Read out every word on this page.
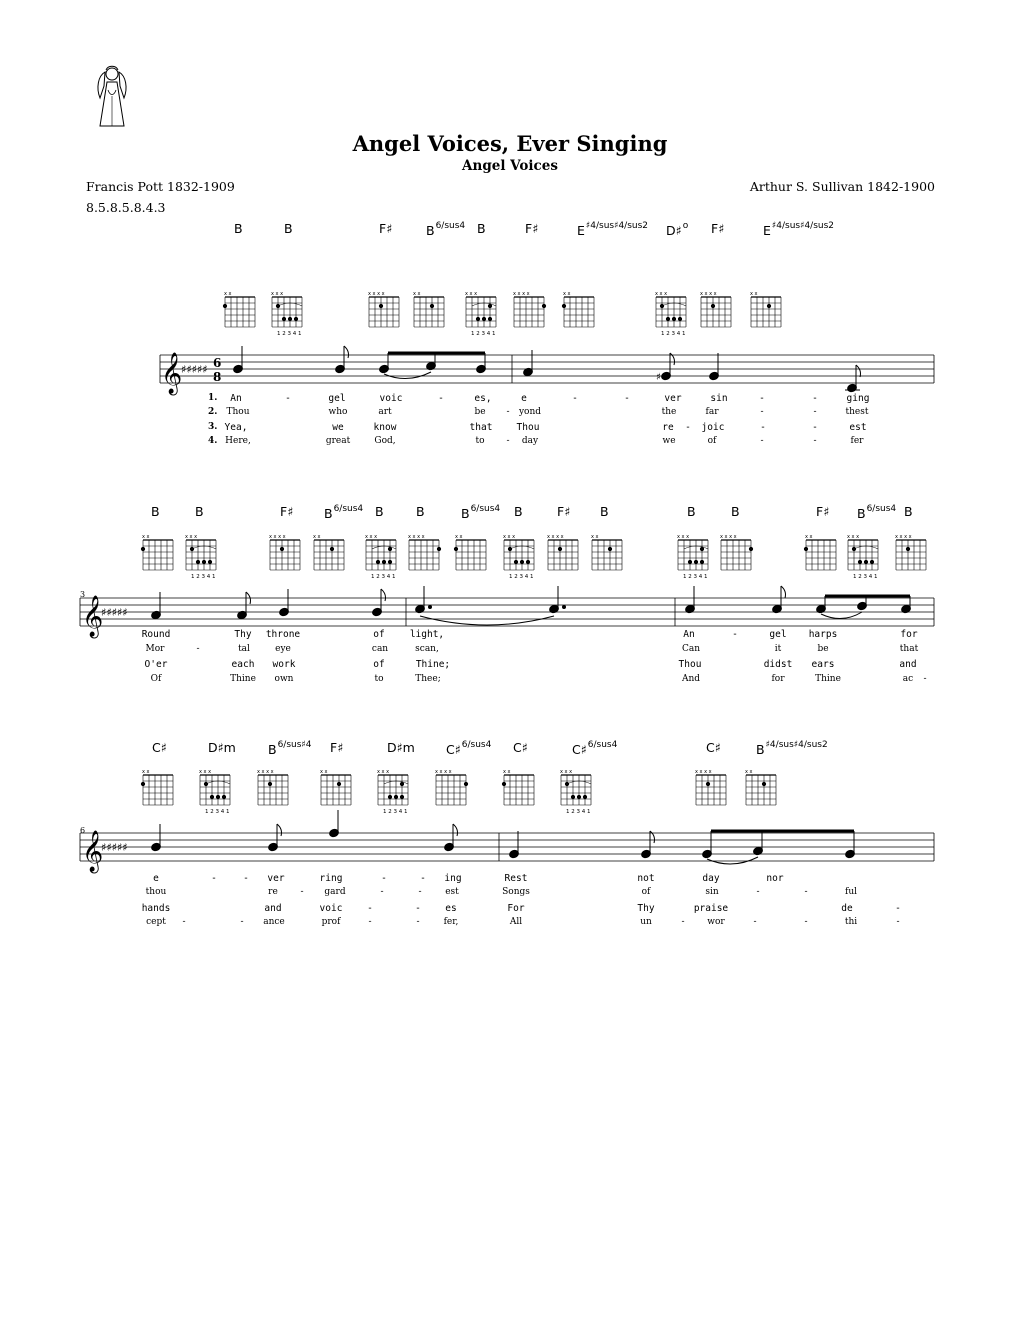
Angel Voices, Ever Singing
Angel Voices
Francis Pott 1832-1909	Arthur S. Sullivan 1842-1900
8.5.8.5.8.4.3
B	B	F♯	$B^{6/sus4}$ B	F♯	$E^{♯4/sus♯4/sus2}$ D♯$^o$ F♯	$E^{♯4/sus♯4/sus2}$
x x	x x x
1 2 3 4 1
x x x x	x x	x x x
1 2 3 4 1
x x x x	x x	x x x
1 2 3 4 1
x x x x	x x
𝄞
♯♯♯♯♯ 6
8	♯
1.
2.
3.
4.
B	B	F♯ $B^{6/sus4}$ B	B	$B^{6/sus4}$ B	F♯ B	B	B	F♯ $B^{6/sus4}$ B
x x	x x x
1 2 3 4 1
x x x x	x x	x x x
1 2 3 4 1
x x x x	x x	x x x
1 2 3 4 1
x x x x	x x	x x x
1 2 3 4 1
x x x x	x x	x x x
1 2 3 4 1
x x x x
3
𝄞
♯♯♯♯♯
C♯	D♯m	$B^{6/sus♯4}$ F♯	D♯m C♯$^{6/sus4}$ C♯	C♯$^{6/sus4}$	C♯	$B^{♯4/sus♯4/sus2}$
x x	x x x
1 2 3 4 1
x x x x	x x	x x x
1 2 3 4 1
x x x x	x x	x x x
1 2 3 4 1
x x x x	x x
6
𝄞
♯♯♯♯♯
An	-	gel	voic	-	es,	e	-	-	ver	sin	-	-	ging
Thou	who	art	be - yond	the	far	-	-	thest
Yea,	we	know	that	Thou	re - joic	-	-	est
Here,	great	God,	to - day	we	of	-	-	fer
Round	Thy throne	of	light,	An	-	gel harps	for
Mor	-	tal	eye	can	scan,	Can	it	be	that
O'er	each work	of	Thine;	Thou	didst ears	and
Of	Thine own	to	Thee;	And	for	Thine	ac -
e	-	- ver	ring	-	- ing	Rest	not	day	nor
thou	re	- gard	-	-	est	Songs	of	sin	-	-	ful
hands	and	voic	-	-	es	For	Thy	praise	de	-
cept -	- ance	prof	-	-	fer,	All	un	-	wor	-	-	thi	-
